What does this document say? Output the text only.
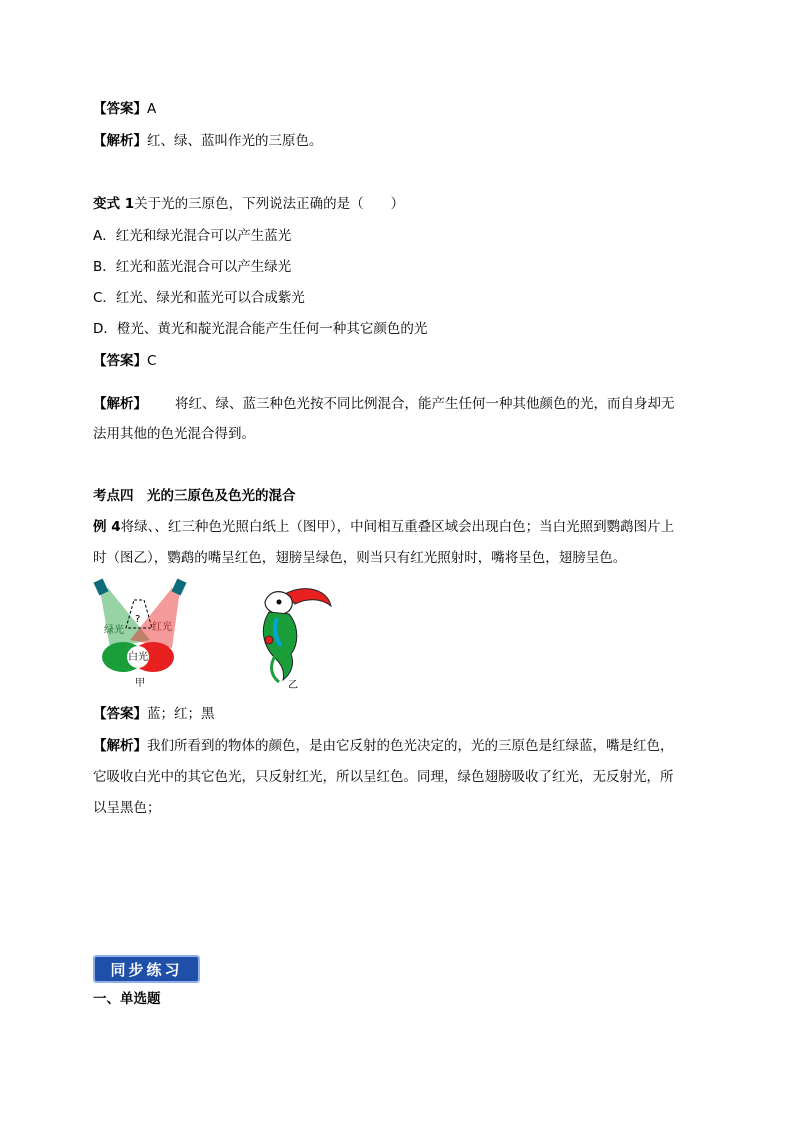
【答案】A
【解析】红、绿、蓝叫作光的三原色。
变式 1关于光的三原色，下列说法正确的是（　　）
A．红光和绿光混合可以产生蓝光
B．红光和蓝光混合可以产生绿光
C．红光、绿光和蓝光可以合成紫光
D．橙光、黄光和靛光混合能产生任何一种其它颜色的光
【答案】C
【解析】 将红、绿、蓝三种色光按不同比例混合，能产生任何一种其他颜色的光，而自身却无
法用其他的色光混合得到。
考点四　光的三原色及色光的混合
例 4将绿、、红三种色光照白纸上（图甲），中间相互重叠区域会出现白色；当白光照到鹦鹉图片上
时（图乙），鹦鹉的嘴呈红色，翅膀呈绿色，则当只有红光照射时，嘴将呈色，翅膀呈色。
?
绿光	红光
白光
甲	乙
【答案】蓝；红；黑
【解析】我们所看到的物体的颜色，是由它反射的色光决定的，光的三原色是红绿蓝，嘴是红色，
它吸收白光中的其它色光，只反射红光，所以呈红色。同理，绿色翅膀吸收了红光，无反射光，所
以呈黑色；
同步练习
一、单选题
